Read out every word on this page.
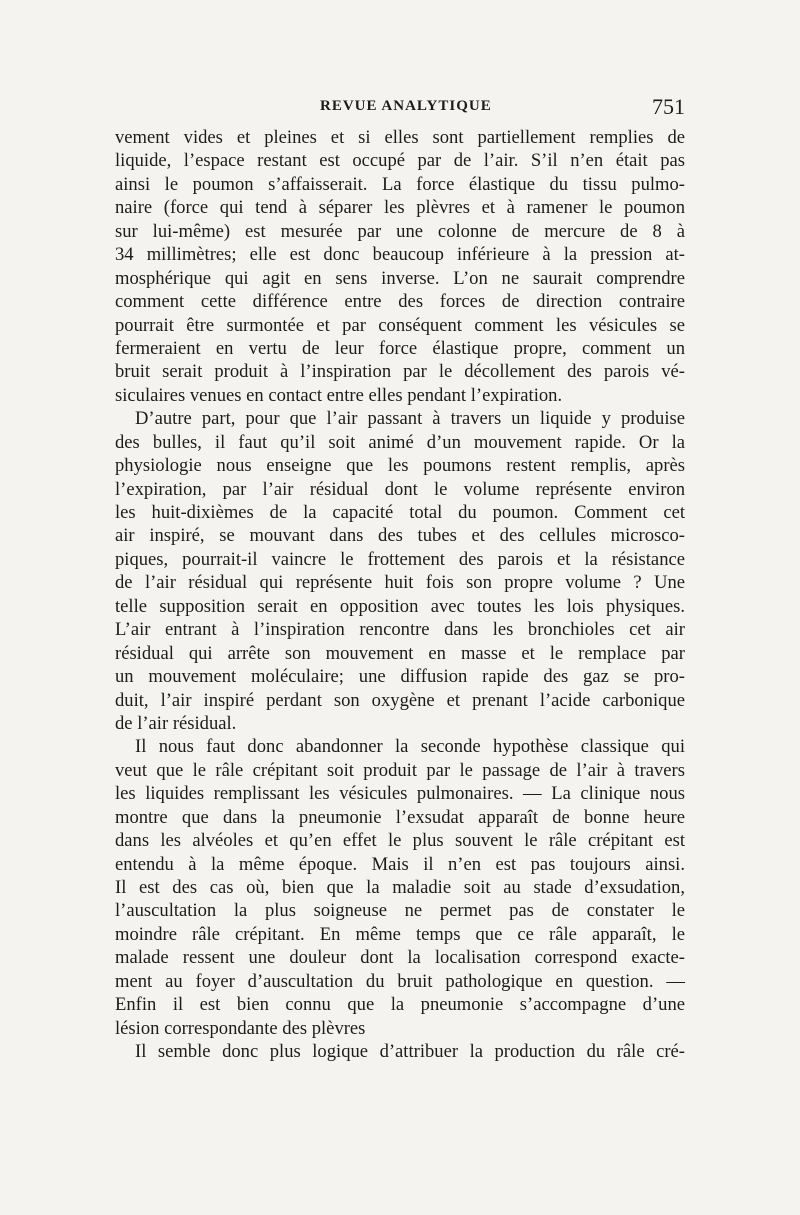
REVUE ANALYTIQUE	751
vement vides et pleines et si elles sont partiellement remplies de
liquide, l’espace restant est occupé par de l’air. S’il n’en était pas
ainsi le poumon s’affaisserait. La force élastique du tissu pulmo-
naire (force qui tend à séparer les plèvres et à ramener le poumon
sur lui-même) est mesurée par une colonne de mercure de 8 à
34 millimètres; elle est donc beaucoup inférieure à la pression at-
mosphérique qui agit en sens inverse. L’on ne saurait comprendre
comment cette différence entre des forces de direction contraire
pourrait être surmontée et par conséquent comment les vésicules se
fermeraient en vertu de leur force élastique propre, comment un
bruit serait produit à l’inspiration par le décollement des parois vé-
siculaires venues en contact entre elles pendant l’expiration.
D’autre part, pour que l’air passant à travers un liquide y produise
des bulles, il faut qu’il soit animé d’un mouvement rapide. Or la
physiologie nous enseigne que les poumons restent remplis, après
l’expiration, par l’air résidual dont le volume représente environ
les huit-dixièmes de la capacité total du poumon. Comment cet
air inspiré, se mouvant dans des tubes et des cellules microsco-
piques, pourrait-il vaincre le frottement des parois et la résistance
de l’air résidual qui représente huit fois son propre volume ? Une
telle supposition serait en opposition avec toutes les lois physiques.
L’air entrant à l’inspiration rencontre dans les bronchioles cet air
résidual qui arrête son mouvement en masse et le remplace par
un mouvement moléculaire; une diffusion rapide des gaz se pro-
duit, l’air inspiré perdant son oxygène et prenant l’acide carbonique
de l’air résidual.
Il nous faut donc abandonner la seconde hypothèse classique qui
veut que le râle crépitant soit produit par le passage de l’air à travers
les liquides remplissant les vésicules pulmonaires. — La clinique nous
montre que dans la pneumonie l’exsudat apparaît de bonne heure
dans les alvéoles et qu’en effet le plus souvent le râle crépitant est
entendu à la même époque. Mais il n’en est pas toujours ainsi.
Il est des cas où, bien que la maladie soit au stade d’exsudation,
l’auscultation la plus soigneuse ne permet pas de constater le
moindre râle crépitant. En même temps que ce râle apparaît, le
malade ressent une douleur dont la localisation correspond exacte-
ment au foyer d’auscultation du bruit pathologique en question. —
Enfin il est bien connu que la pneumonie s’accompagne d’une
lésion correspondante des plèvres
Il semble donc plus logique d’attribuer la production du râle cré-
